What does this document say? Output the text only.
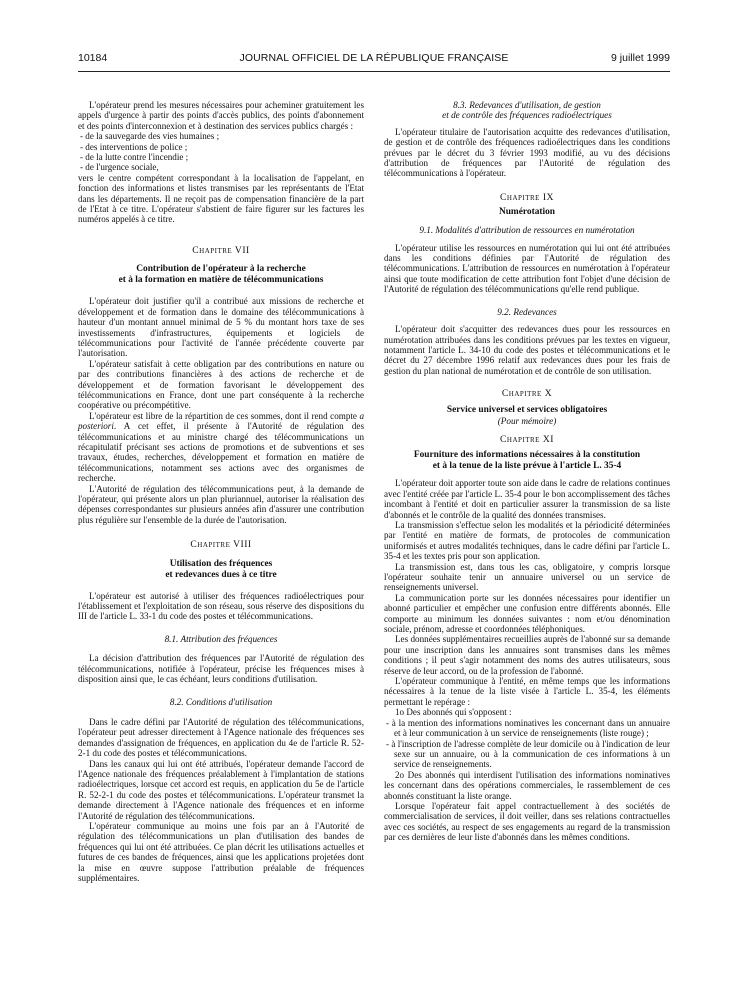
10184	JOURNAL OFFICIEL DE LA RÉPUBLIQUE FRANÇAISE	9 juillet 1999

L'opérateur prend les mesures nécessaires pour acheminer gratuitement les appels d'urgence à partir des points d'accès publics, des points d'abonnement et des points d'interconnexion et à destination des services publics chargés :

- de la sauvegarde des vies humaines ;
- des interventions de police ;
- de la lutte contre l'incendie ;
- de l'urgence sociale,

vers le centre compétent correspondant à la localisation de l'appelant, en fonction des informations et listes transmises par les représentants de l'Etat dans les départements. Il ne reçoit pas de compensation financière de la part de l'Etat à ce titre. L'opérateur s'abstient de faire figurer sur les factures les numéros appelés à ce titre.

Chapitre VII
Contribution de l'opérateur à la recherche
et à la formation en matière de télécommunications

L'opérateur doit justifier qu'il a contribué aux missions de recherche et développement et de formation dans le domaine des télécommunications à hauteur d'un montant annuel minimal de 5 % du montant hors taxe de ses investissements d'infrastructures, équipements et logiciels de télécommunications pour l'activité de l'année précédente couverte par l'autorisation.

L'opérateur satisfait à cette obligation par des contributions en nature ou par des contributions financières à des actions de recherche et de développement et de formation favorisant le développement des télécommunications en France, dont une part conséquente à la recherche coopérative ou précompétitive.

L'opérateur est libre de la répartition de ces sommes, dont il rend compte a posteriori. A cet effet, il présente à l'Autorité de régulation des télécommunications et au ministre chargé des télécommunications un récapitulatif précisant ses actions de promotions et de subventions et ses travaux, études, recherches, développement et formation en matière de télécommunications, notamment ses actions avec des organismes de recherche.

L'Autorité de régulation des télécommunications peut, à la demande de l'opérateur, qui présente alors un plan pluriannuel, autoriser la réalisation des dépenses correspondantes sur plusieurs années afin d'assurer une contribution plus régulière sur l'ensemble de la durée de l'autorisation.

Chapitre VIII
Utilisation des fréquences
et redevances dues à ce titre

L'opérateur est autorisé à utiliser des fréquences radioélectriques pour l'établissement et l'exploitation de son réseau, sous réserve des dispositions du III de l'article L. 33-1 du code des postes et télécommunications.

8.1. Attribution des fréquences

La décision d'attribution des fréquences par l'Autorité de régulation des télécommunications, notifiée à l'opérateur, précise les fréquences mises à disposition ainsi que, le cas échéant, leurs conditions d'utilisation.

8.2. Conditions d'utilisation

Dans le cadre défini par l'Autorité de régulation des télécommunications, l'opérateur peut adresser directement à l'Agence nationale des fréquences ses demandes d'assignation de fréquences, en application du 4e de l'article R. 52-2-1 du code des postes et télécommunications.

Dans les canaux qui lui ont été attribués, l'opérateur demande l'accord de l'Agence nationale des fréquences préalablement à l'implantation de stations radioélectriques, lorsque cet accord est requis, en application du 5e de l'article R. 52-2-1 du code des postes et télécommunications. L'opérateur transmet la demande directement à l'Agence nationale des fréquences et en informe l'Autorité de régulation des télécommunications.

L'opérateur communique au moins une fois par an à l'Autorité de régulation des télécommunications un plan d'utilisation des bandes de fréquences qui lui ont été attribuées. Ce plan décrit les utilisations actuelles et futures de ces bandes de fréquences, ainsi que les applications projetées dont la mise en œuvre suppose l'attribution préalable de fréquences supplémentaires.

8.3. Redevances d'utilisation, de gestion
et de contrôle des fréquences radioélectriques

L'opérateur titulaire de l'autorisation acquitte des redevances d'utilisation, de gestion et de contrôle des fréquences radioélectriques dans les conditions prévues par le décret du 3 février 1993 modifié, au vu des décisions d'attribution de fréquences par l'Autorité de régulation des télécommunications à l'opérateur.

Chapitre IX
Numérotation
9.1. Modalités d'attribution de ressources en numérotation

L'opérateur utilise les ressources en numérotation qui lui ont été attribuées dans les conditions définies par l'Autorité de régulation des télécommunications. L'attribution de ressources en numérotation à l'opérateur ainsi que toute modification de cette attribution font l'objet d'une décision de l'Autorité de régulation des télécommunications qu'elle rend publique.

9.2. Redevances

L'opérateur doit s'acquitter des redevances dues pour les ressources en numérotation attribuées dans les conditions prévues par les textes en vigueur, notamment l'article L. 34-10 du code des postes et télécommunications et le décret du 27 décembre 1996 relatif aux redevances dues pour les frais de gestion du plan national de numérotation et de contrôle de son utilisation.

Chapitre X
Service universel et services obligatoires
(Pour mémoire)
Chapitre XI
Fourniture des informations nécessaires à la constitution
et à la tenue de la liste prévue à l'article L. 35-4

L'opérateur doit apporter toute son aide dans le cadre de relations continues avec l'entité créée par l'article L. 35-4 pour le bon accomplissement des tâches incombant à l'entité et doit en particulier assurer la transmission de sa liste d'abonnés et le contrôle de la qualité des données transmises.

La transmission s'effectue selon les modalités et la périodicité déterminées par l'entité en matière de formats, de protocoles de communication uniformisés et autres modalités techniques, dans le cadre défini par l'article L. 35-4 et les textes pris pour son application.

La transmission est, dans tous les cas, obligatoire, y compris lorsque l'opérateur souhaite tenir un annuaire universel ou un service de renseignements universel.

La communication porte sur les données nécessaires pour identifier un abonné particulier et empêcher une confusion entre différents abonnés. Elle comporte au minimum les données suivantes : nom et/ou dénomination sociale, prénom, adresse et coordonnées téléphoniques.

Les données supplémentaires recueillies auprès de l'abonné sur sa demande pour une inscription dans les annuaires sont transmises dans les mêmes conditions ; il peut s'agir notamment des noms des autres utilisateurs, sous réserve de leur accord, ou de la profession de l'abonné.

L'opérateur communique à l'entité, en même temps que les informations nécessaires à la tenue de la liste visée à l'article L. 35-4, les éléments permettant le repérage :

1o Des abonnés qui s'opposent :

- à la mention des informations nominatives les concernant dans un annuaire et à leur communication à un service de renseignements (liste rouge) ;
- à l'inscription de l'adresse complète de leur domicile ou à l'indication de leur sexe sur un annuaire, ou à la communication de ces informations à un service de renseignements.

2o Des abonnés qui interdisent l'utilisation des informations nominatives les concernant dans des opérations commerciales, le rassemblement de ces abonnés constituant la liste orange.

Lorsque l'opérateur fait appel contractuellement à des sociétés de commercialisation de services, il doit veiller, dans ses relations contractuelles avec ces sociétés, au respect de ses engagements au regard de la transmission par ces dernières de leur liste d'abonnés dans les mêmes conditions.
